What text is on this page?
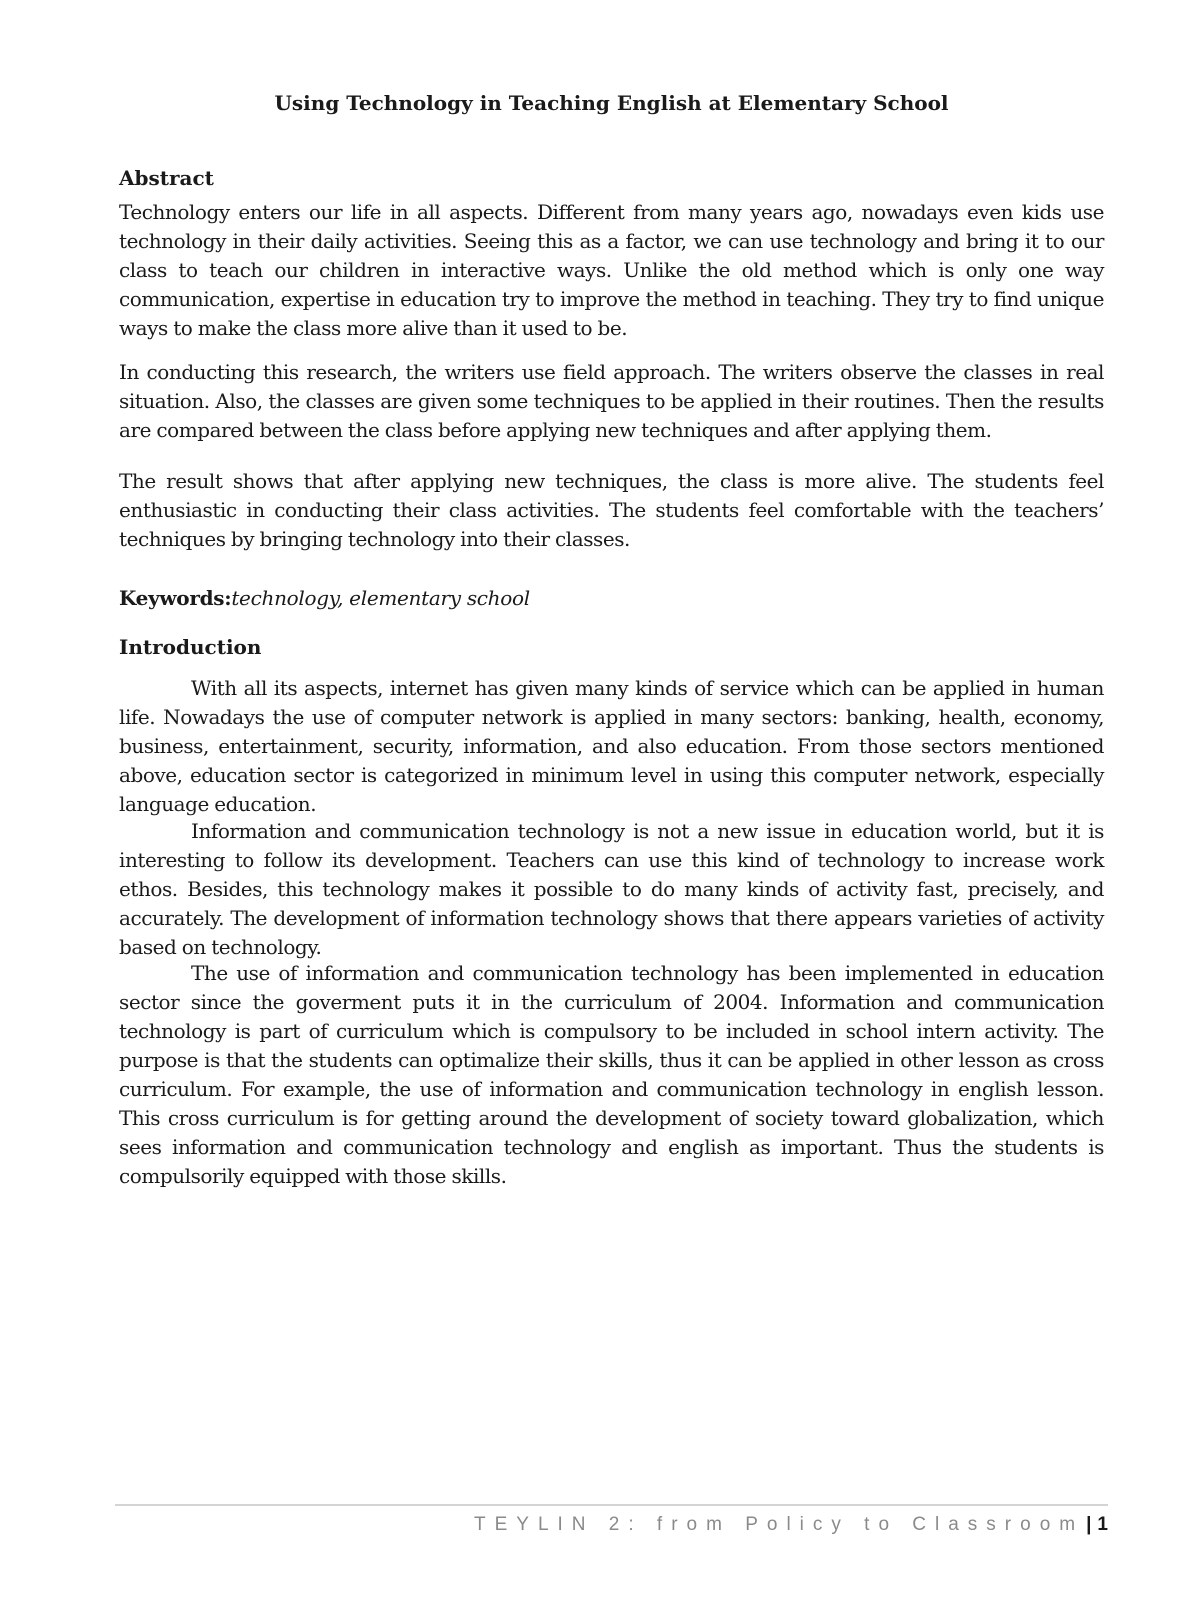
Using Technology in Teaching English at Elementary School
Abstract

Technology enters our life in all aspects. Different from many years ago, nowadays even kids use technology in their daily activities. Seeing this as a factor, we can use technology and bring it to our class to teach our children in interactive ways. Unlike the old method which is only one way communication, expertise in education try to improve the method in teaching. They try to find unique ways to make the class more alive than it used to be.

In conducting this research, the writers use field approach. The writers observe the classes in real situation. Also, the classes are given some techniques to be applied in their routines. Then the results are compared between the class before applying new techniques and after applying them.

The result shows that after applying new techniques, the class is more alive. The students feel enthusiastic in conducting their class activities. The students feel comfortable with the teachers’ techniques by bringing technology into their classes.

Keywords:technology, elementary school
Introduction

With all its aspects, internet has given many kinds of service which can be applied in human life. Nowadays the use of computer network is applied in many sectors: banking, health, economy, business, entertainment, security, information, and also education. From those sectors mentioned above, education sector is categorized in minimum level in using this computer network, especially language education.

Information and communication technology is not a new issue in education world, but it is interesting to follow its development. Teachers can use this kind of technology to increase work ethos. Besides, this technology makes it possible to do many kinds of activity fast, precisely, and accurately. The development of information technology shows that there appears varieties of activity based on technology.

The use of information and communication technology has been implemented in education sector since the goverment puts it in the curriculum of 2004. Information and communication technology is part of curriculum which is compulsory to be included in school intern activity. The purpose is that the students can optimalize their skills, thus it can be applied in other lesson as cross curriculum. For example, the use of information and communication technology in english lesson. This cross curriculum is for getting around the development of society toward globalization, which sees information and communication technology and english as important. Thus the students is compulsorily equipped with those skills.

TEYLIN 2: from Policy to Classroom | 1
